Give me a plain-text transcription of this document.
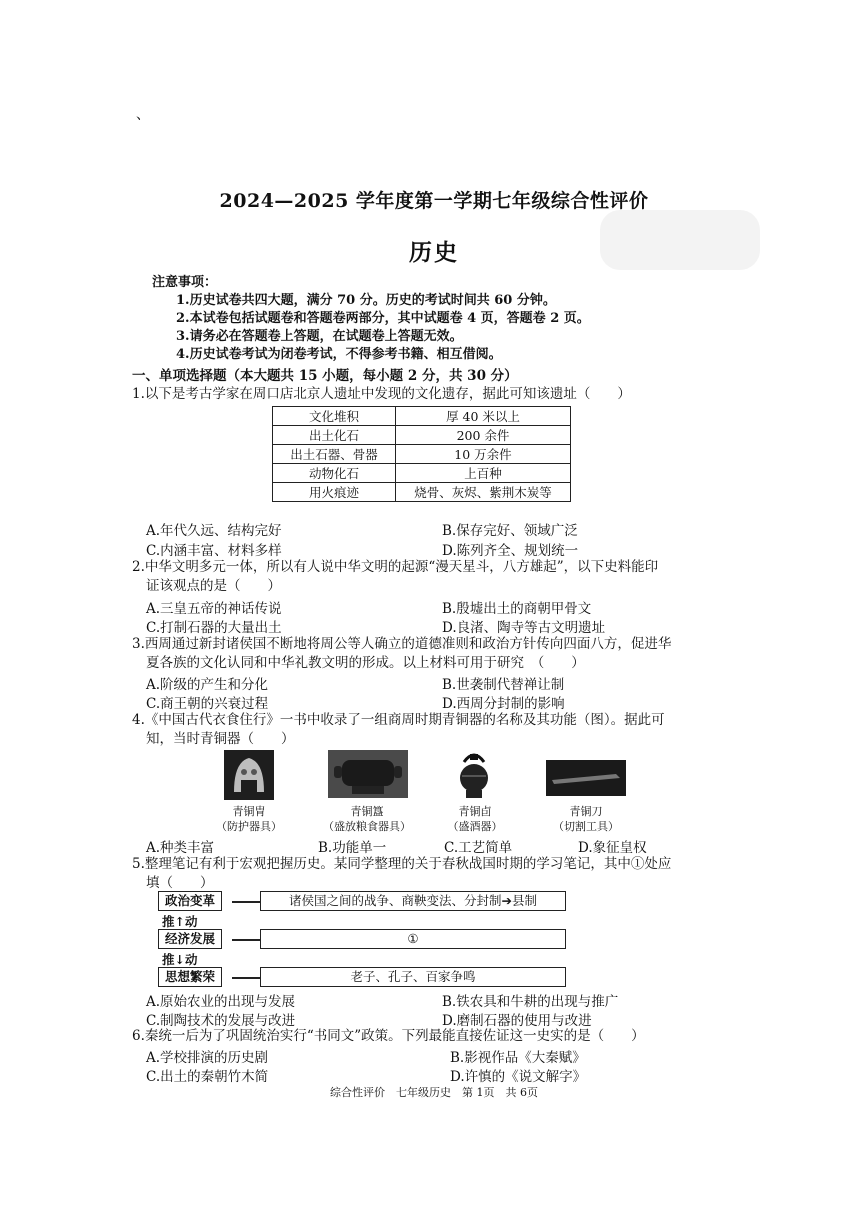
、
2024—2025 学年度第一学期七年级综合性评价
历史
注意事项：
1.历史试卷共四大题，满分 70 分。历史的考试时间共 60 分钟。
2.本试卷包括试题卷和答题卷两部分，其中试题卷 4 页，答题卷 2 页。
3.请务必在答题卷上答题，在试题卷上答题无效。
4.历史试卷考试为闭卷考试，不得参考书籍、相互借阅。
一、单项选择题（本大题共 15 小题，每小题 2 分，共 30 分）
1.以下是考古学家在周口店北京人遗址中发现的文化遗存，据此可知该遗址（　　）
文化堆积	厚 40 米以上
出土化石	200 余件
出土石器、骨器	10 万余件
动物化石	上百种
用火痕迹	烧骨、灰烬、紫荆木炭等
A.年代久远、结构完好	B.保存完好、领域广泛
C.内涵丰富、材料多样	D.陈列齐全、规划统一
2.中华文明多元一体，所以有人说中华文明的起源“漫天星斗，八方雄起”，以下史料能印
证该观点的是（　　）
A.三皇五帝的神话传说	B.殷墟出土的商朝甲骨文
C.打制石器的大量出土	D.良渚、陶寺等古文明遗址
3.西周通过新封诸侯国不断地将周公等人确立的道德准则和政治方针传向四面八方，促进华
夏各族的文化认同和中华礼教文明的形成。以上材料可用于研究　（　　）
A.阶级的产生和分化	B.世袭制代替禅让制
C.商王朝的兴衰过程	D.西周分封制的影响
4.《中国古代衣食住行》一书中收录了一组商周时期青铜器的名称及其功能（图）。据此可
知，当时青铜器（　　）
青铜胄
（防护器具）
青铜簋
（盛放粮食器具）
青铜卣
（盛酒器）
青铜刀
（切割工具）
A.种类丰富	B.功能单一	C.工艺简单	D.象征皇权
5.整理笔记有利于宏观把握历史。某同学整理的关于春秋战国时期的学习笔记，其中①处应
填（　　）
政治变革	诸侯国之间的战争、商鞅变法、分封制➔县制
推↑动
经济发展	①
推↓动
思想繁荣	老子、孔子、百家争鸣
A.原始农业的出现与发展	B.铁农具和牛耕的出现与推广
C.制陶技术的发展与改进	D.磨制石器的使用与改进
6.秦统一后为了巩固统治实行“书同文”政策。下列最能直接佐证这一史实的是（　　）
A.学校排演的历史剧	B.影视作品《大秦赋》
C.出土的秦朝竹木简	D.许慎的《说文解字》
综合性评价　七年级历史　第 1页　共 6页
